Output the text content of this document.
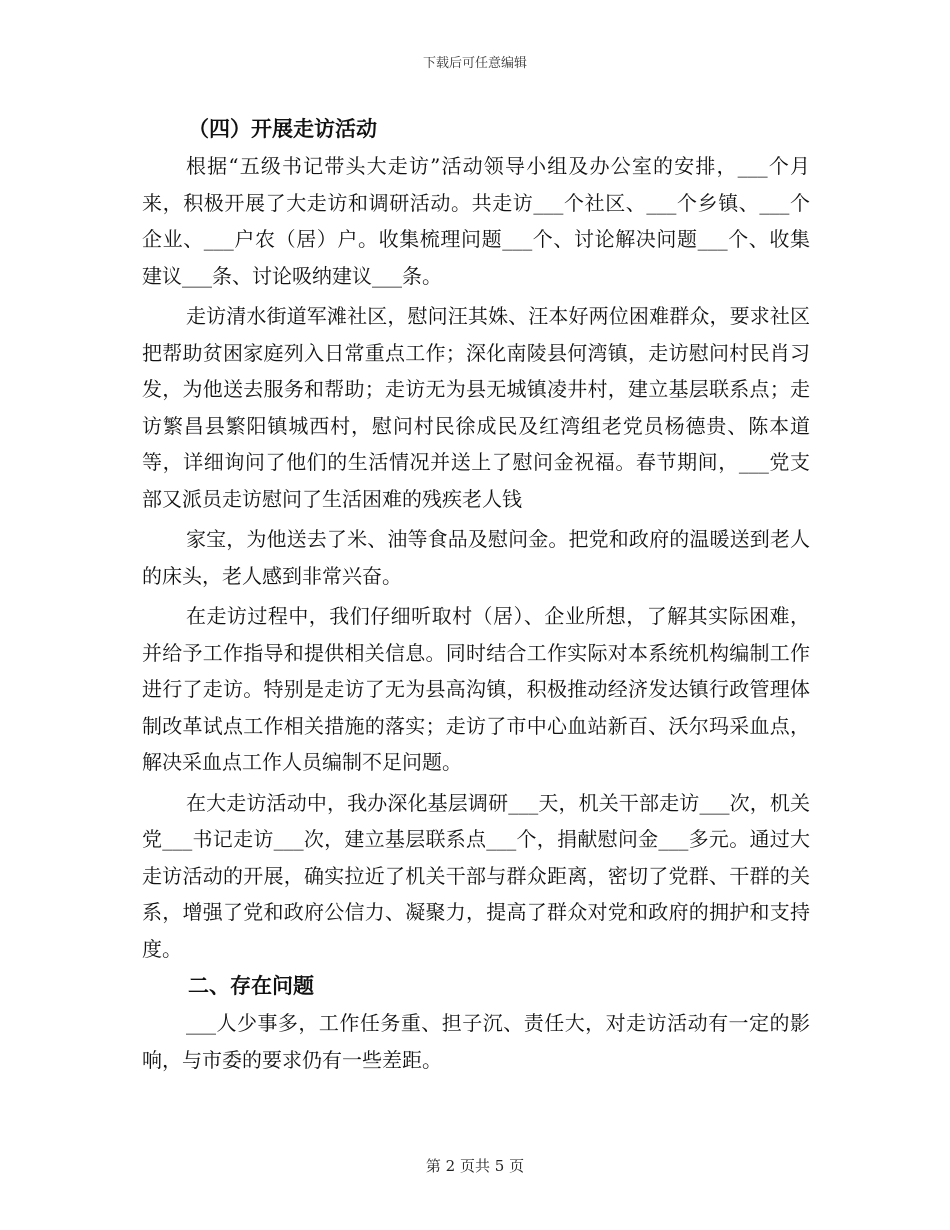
下载后可任意编辑

（四）开展走访活动

根据“五级书记带头大走访”活动领导小组及办公室的安排，___个月来，积极开展了大走访和调研活动。共走访___个社区、___个乡镇、___个企业、___户农（居）户。收集梳理问题___个、讨论解决问题___个、收集建议___条、讨论吸纳建议___条。

走访清水街道军滩社区，慰问汪其姝、汪本好两位困难群众，要求社区把帮助贫困家庭列入日常重点工作；深化南陵县何湾镇，走访慰问村民肖习发，为他送去服务和帮助；走访无为县无城镇凌井村，建立基层联系点；走访繁昌县繁阳镇城西村，慰问村民徐成民及红湾组老党员杨德贵、陈本道等，详细询问了他们的生活情况并送上了慰问金祝福。春节期间，___党支部又派员走访慰问了生活困难的残疾老人钱

家宝，为他送去了米、油等食品及慰问金。把党和政府的温暖送到老人的床头，老人感到非常兴奋。

在走访过程中，我们仔细听取村（居）、企业所想，了解其实际困难，并给予工作指导和提供相关信息。同时结合工作实际对本系统机构编制工作进行了走访。特别是走访了无为县高沟镇，积极推动经济发达镇行政管理体制改革试点工作相关措施的落实；走访了市中心血站新百、沃尔玛采血点，解决采血点工作人员编制不足问题。

在大走访活动中，我办深化基层调研___天，机关干部走访___次，机关党___书记走访___次，建立基层联系点___个，捐献慰问金___多元。通过大走访活动的开展，确实拉近了机关干部与群众距离，密切了党群、干群的关系，增强了党和政府公信力、凝聚力，提高了群众对党和政府的拥护和支持度。

二、存在问题

___人少事多，工作任务重、担子沉、责任大，对走访活动有一定的影响，与市委的要求仍有一些差距。

第 2 页共 5 页
